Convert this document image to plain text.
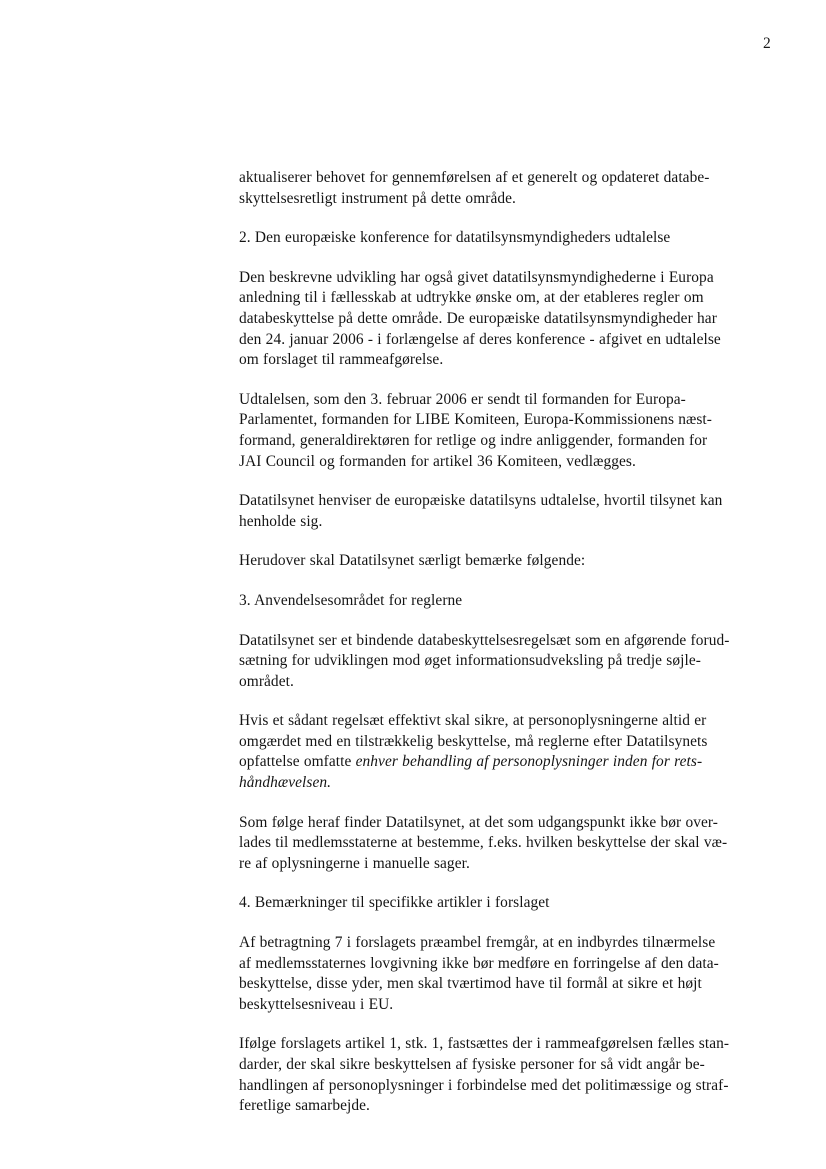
2

aktualiserer behovet for gennemførelsen af et generelt og opdateret databe-
skyttelsesretligt instrument på dette område.

2. Den europæiske konference for datatilsynsmyndigheders udtalelse

Den beskrevne udvikling har også givet datatilsynsmyndighederne i Europa
anledning til i fællesskab at udtrykke ønske om, at der etableres regler om
databeskyttelse på dette område. De europæiske datatilsynsmyndigheder har
den 24. januar 2006 - i forlængelse af deres konference - afgivet en udtalelse
om forslaget til rammeafgørelse.

Udtalelsen, som den 3. februar 2006 er sendt til formanden for Europa-
Parlamentet, formanden for LIBE Komiteen, Europa-Kommissionens næst-
formand, generaldirektøren for retlige og indre anliggender, formanden for
JAI Council og formanden for artikel 36 Komiteen, vedlægges.

Datatilsynet henviser de europæiske datatilsyns udtalelse, hvortil tilsynet kan
henholde sig.

Herudover skal Datatilsynet særligt bemærke følgende:

3. Anvendelsesområdet for reglerne

Datatilsynet ser et bindende databeskyttelsesregelsæt som en afgørende forud-
sætning for udviklingen mod øget informationsudveksling på tredje søjle-
området.

Hvis et sådant regelsæt effektivt skal sikre, at personoplysningerne altid er
omgærdet med en tilstrækkelig beskyttelse, må reglerne efter Datatilsynets
opfattelse omfatte enhver behandling af personoplysninger inden for rets-
håndhævelsen.

Som følge heraf finder Datatilsynet, at det som udgangspunkt ikke bør over-
lades til medlemsstaterne at bestemme, f.eks. hvilken beskyttelse der skal væ-
re af oplysningerne i manuelle sager.

4. Bemærkninger til specifikke artikler i forslaget

Af betragtning 7 i forslagets præambel fremgår, at en indbyrdes tilnærmelse
af medlemsstaternes lovgivning ikke bør medføre en forringelse af den data-
beskyttelse, disse yder, men skal tværtimod have til formål at sikre et højt
beskyttelsesniveau i EU.

Ifølge forslagets artikel 1, stk. 1, fastsættes der i rammeafgørelsen fælles stan-
darder, der skal sikre beskyttelsen af fysiske personer for så vidt angår be-
handlingen af personoplysninger i forbindelse med det politimæssige og straf-
feretlige samarbejde.
